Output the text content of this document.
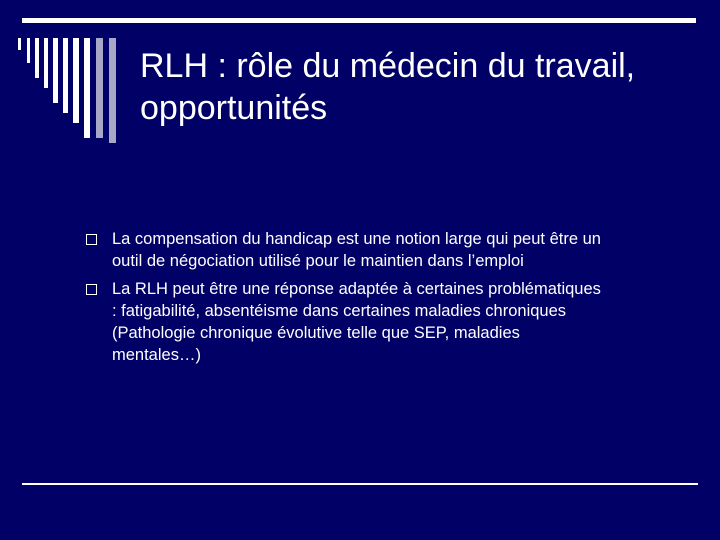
RLH : rôle du médecin du travail, opportunités
La compensation du handicap est une notion large qui peut être un outil de négociation utilisé pour le maintien dans l’emploi
La RLH peut être une réponse adaptée à certaines problématiques : fatigabilité, absentéisme dans certaines maladies chroniques (Pathologie chronique évolutive telle que SEP, maladies mentales…)
